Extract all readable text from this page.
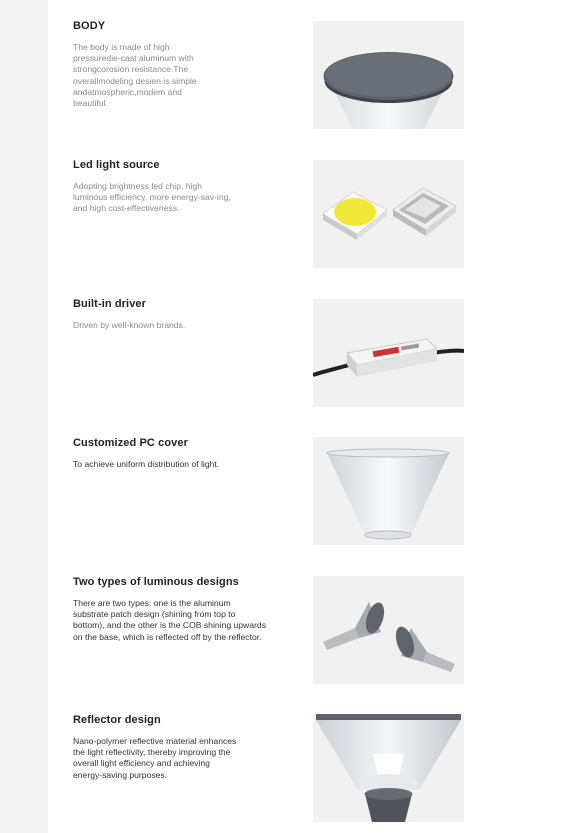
BODY
The body is made of high pressuredie-cast aluminum with strongcorosion resistance.The overallmodeling desien is simple andatmospheric,modem and beautiful.
Led light source
Adopting brightness led chip, high luminous efficiency, more energy-sav-ing, and high cost-effectiveness.
Built-in driver
Driven by well-known brands.
Customized PC cover
To achieve uniform distribution of light.
Two types of luminous designs
There are two types: one is the aluminum substrate patch design (shining from top to bottom), and the other is the COB shining upwards on the base, which is reflected off by the reflector.
Reflector design
Nano-polymer reflective material enhances the light reflectivity, thereby improving the overall light efficiency and achieving energy-saving purposes.
